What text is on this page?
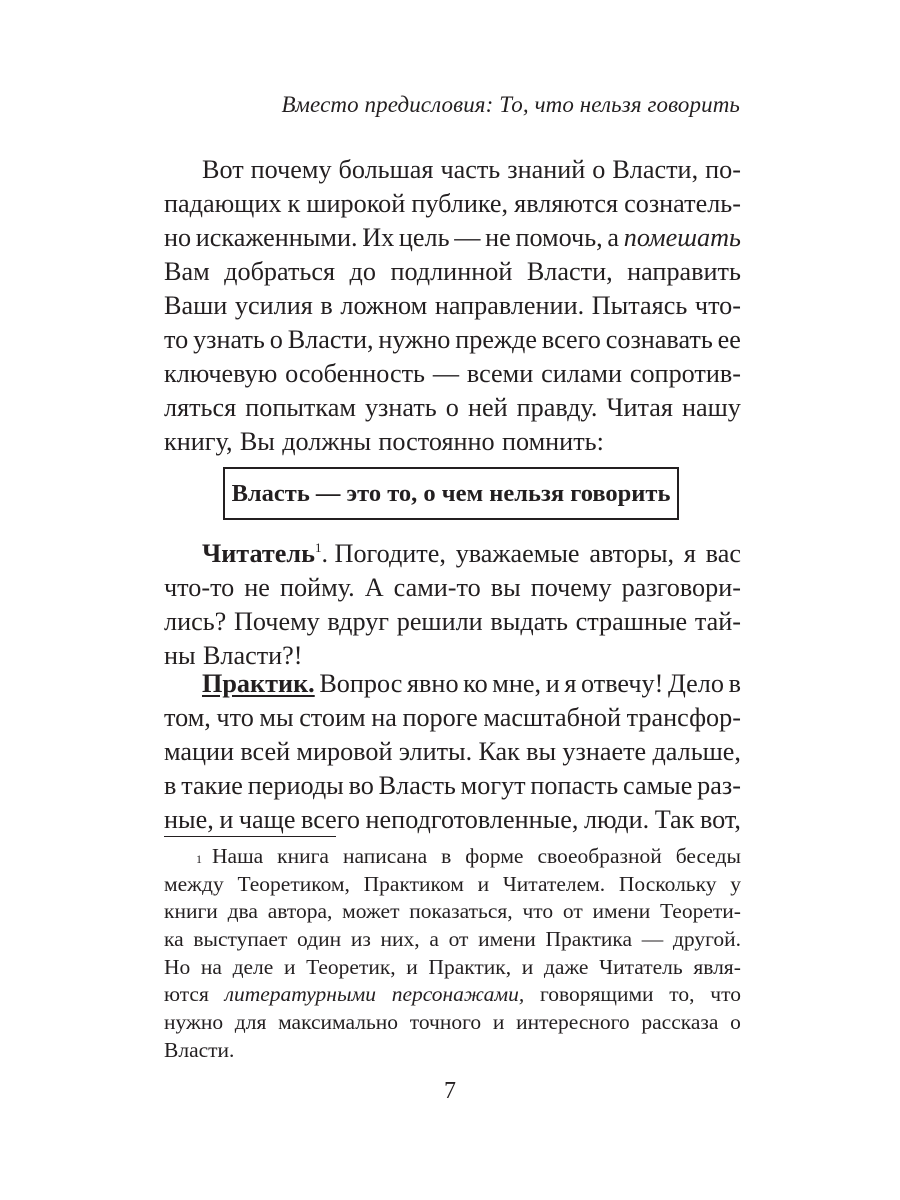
Вместо предисловия: То, что нельзя говорить
Вот почему большая часть знаний о Власти, по-
падающих к широкой публике, являются сознатель-
но искаженными. Их цель — не помочь, а помешать
Вам добраться до подлинной Власти, направить
Ваши усилия в ложном направлении. Пытаясь что-
то узнать о Власти, нужно прежде всего сознавать ее
ключевую особенность — всеми силами сопротив-
ляться попыткам узнать о ней правду. Читая нашу
книгу, Вы должны постоянно помнить:
Власть — это то, о чем нельзя говорить
Читатель$^1$. Погодите, уважаемые авторы, я вас
что-то не пойму. А сами-то вы почему разговори-
лись? Почему вдруг решили выдать страшные тай-
ны Власти?!
Практик. Вопрос явно ко мне, и я отвечу! Дело в
том, что мы стоим на пороге масштабной трансфор-
мации всей мировой элиты. Как вы узнаете дальше,
в такие периоды во Власть могут попасть самые раз-
ные, и чаще всего неподготовленные, люди. Так вот,
1 Наша книга написана в форме своеобразной беседы
между Теоретиком, Практиком и Читателем. Поскольку у
книги два автора, может показаться, что от имени Теорети-
ка выступает один из них, а от имени Практика — другой.
Но на деле и Теоретик, и Практик, и даже Читатель явля-
ются литературными персонажами, говорящими то, что
нужно для максимально точного и интересного рассказа о
Власти.
7
